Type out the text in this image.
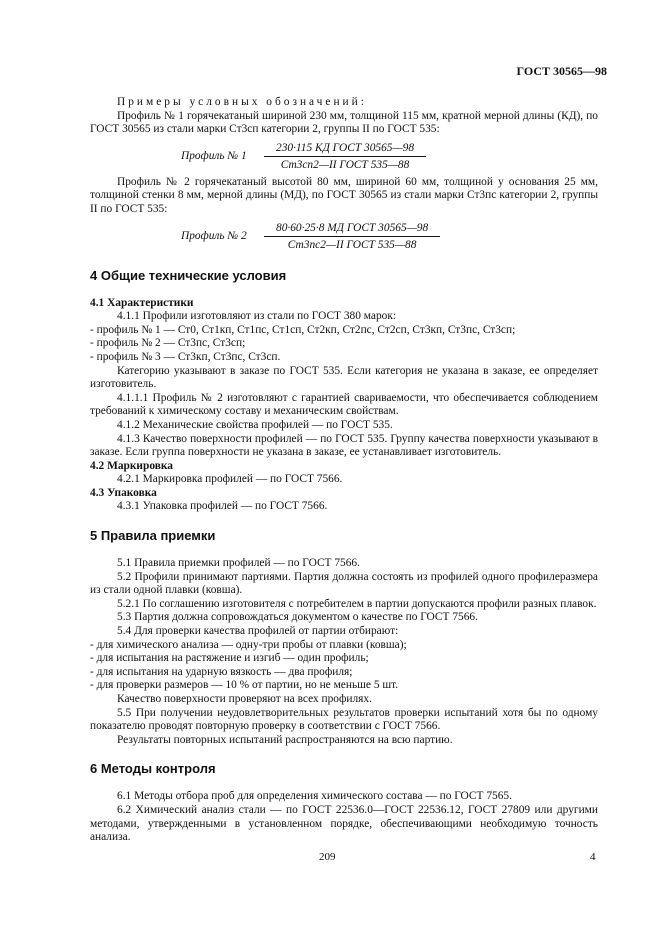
ГОСТ 30565—98

Примеры условных обозначений:

Профиль № 1 горячекатаный шириной 230 мм, толщиной 115 мм, кратной мерной длины (КД), по ГОСТ 30565 из стали марки Ст3сп категории 2, группы II по ГОСТ 535:

Профиль № 1	$\frac{\text{230·115 КД ГОСТ 30565—98}}{\text{Ст3сп2—II ГОСТ 535—88}}$

Профиль № 2 горячекатаный высотой 80 мм, шириной 60 мм, толщиной у основания 25 мм, толщиной стенки 8 мм, мерной длины (МД), по ГОСТ 30565 из стали марки Ст3пс категории 2, группы II по ГОСТ 535:

Профиль № 2	$\frac{\text{80·60·25·8 МД ГОСТ 30565—98}}{\text{Ст3пс2—II ГОСТ 535—88}}$
4 Общие технические условия

4.1 Характеристики

4.1.1 Профили изготовляют из стали по ГОСТ 380 марок:

- профиль № 1 — Ст0, Ст1кп, Ст1пс, Ст1сп, Ст2кп, Ст2пс, Ст2сп, Ст3кп, Ст3пс, Ст3сп;

- профиль № 2 — Ст3пс, Ст3сп;

- профиль № 3 — Ст3кп, Ст3пс, Ст3сп.

Категорию указывают в заказе по ГОСТ 535. Если категория не указана в заказе, ее определяет изготовитель.

4.1.1.1 Профиль № 2 изготовляют с гарантией свариваемости, что обеспечивается соблюдением требований к химическому составу и механическим свойствам.

4.1.2 Механические свойства профилей — по ГОСТ 535.

4.1.3 Качество поверхности профилей — по ГОСТ 535. Группу качества поверхности указывают в заказе. Если группа поверхности не указана в заказе, ее устанавливает изготовитель.

4.2 Маркировка

4.2.1 Маркировка профилей — по ГОСТ 7566.

4.3 Упаковка

4.3.1 Упаковка профилей — по ГОСТ 7566.

5 Правила приемки

5.1 Правила приемки профилей — по ГОСТ 7566.

5.2 Профили принимают партиями. Партия должна состоять из профилей одного профилеразмера из стали одной плавки (ковша).

5.2.1 По соглашению изготовителя с потребителем в партии допускаются профили разных плавок.

5.3 Партия должна сопровождаться документом о качестве по ГОСТ 7566.

5.4 Для проверки качества профилей от партии отбирают:

- для химического анализа — одну-три пробы от плавки (ковша);

- для испытания на растяжение и изгиб — один профиль;

- для испытания на ударную вязкость — два профиля;

- для проверки размеров — 10 % от партии, но не меньше 5 шт.

Качество поверхности проверяют на всех профилях.

5.5 При получении неудовлетворительных результатов проверки испытаний хотя бы по одному показателю проводят повторную проверку в соответствии с ГОСТ 7566.

Результаты повторных испытаний распространяются на всю партию.

6 Методы контроля

6.1 Методы отбора проб для определения химического состава — по ГОСТ 7565.

6.2 Химический анализ стали — по ГОСТ 22536.0—ГОСТ 22536.12, ГОСТ 27809 или другими методами, утвержденными в установленном порядке, обеспечивающими необходимую точность анализа.

209	4
